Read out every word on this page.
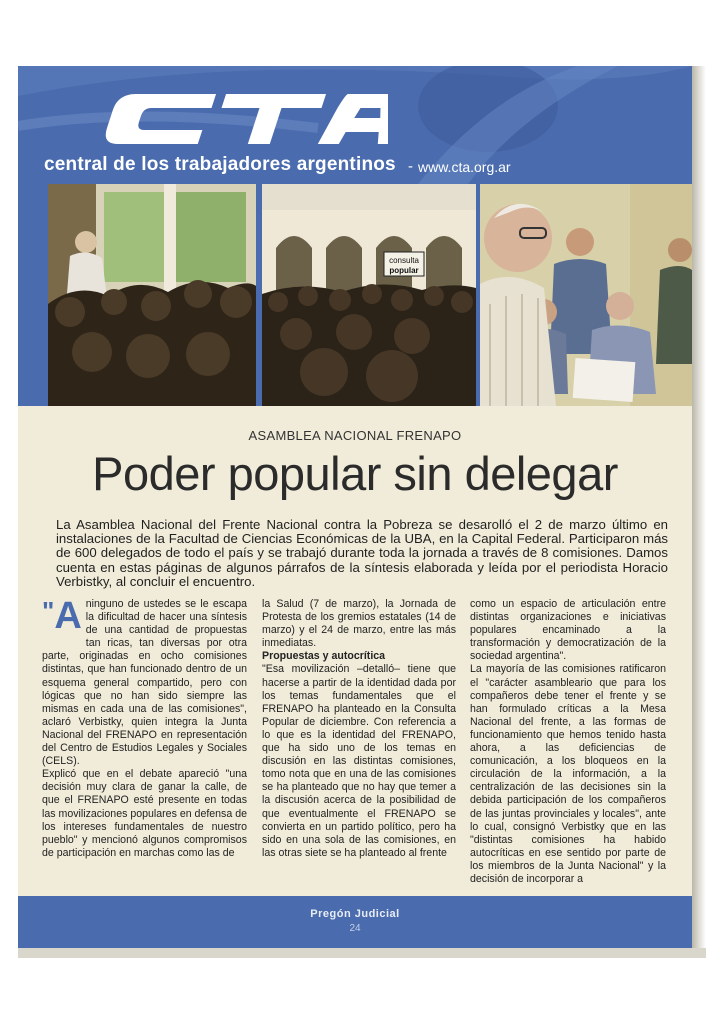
central de los trabajadores argentinos - www.cta.org.ar
consulta
popular
ASAMBLEA NACIONAL FRENAPO
Poder popular sin delegar
La Asamblea Nacional del Frente Nacional contra la Pobreza se desarolló el 2 de marzo último en instalaciones de la Facultad de Ciencias Económicas de la UBA, en la Capital Federal. Participaron más de 600 delegados de todo el país y se trabajó durante toda la jornada a través de 8 comisiones. Damos cuenta en estas páginas de algunos párrafos de la síntesis elaborada y leída por el periodista Horacio Verbistky, al concluir el encuentro.
" A ninguno de ustedes se le escapa la dificultad de hacer una síntesis de una cantidad de propuestas tan ricas, tan diversas por otra parte, originadas en ocho comisiones distintas, que han funcionado dentro de un esquema general compartido, pero con lógicas que no han sido siempre las mismas en cada una de las comisiones", aclaró Verbistky, quien integra la Junta Nacional del FRENAPO en representación del Centro de Estudios Legales y Sociales (CELS).

Explicó que en el debate apareció "una decisión muy clara de ganar la calle, de que el FRENAPO esté presente en todas las movilizaciones populares en defensa de los intereses fundamentales de nuestro pueblo" y mencionó algunos compromisos de participación en marchas como las de

la Salud (7 de marzo), la Jornada de Protesta de los gremios estatales (14 de marzo) y el 24 de marzo, entre las más inmediatas.

Propuestas y autocrítica

"Esa movilización –detalló– tiene que hacerse a partir de la identidad dada por los temas fundamentales que el FRENAPO ha planteado en la Consulta Popular de diciembre. Con referencia a lo que es la identidad del FRENAPO, que ha sido uno de los temas en discusión en las distintas comisiones, tomo nota que en una de las comisiones se ha planteado que no hay que temer a la discusión acerca de la posibilidad de que eventualmente el FRENAPO se convierta en un partido político, pero ha sido en una sola de las comisiones, en las otras siete se ha planteado al frente

como un espacio de articulación entre distintas organizaciones e iniciativas populares encaminado a la transformación y democratización de la sociedad argentina".

La mayoría de las comisiones ratificaron el "carácter asambleario que para los compañeros debe tener el frente y se han formulado críticas a la Mesa Nacional del frente, a las formas de funcionamiento que hemos tenido hasta ahora, a las deficiencias de comunicación, a los bloqueos en la circulación de la información, a la centralización de las decisiones sin la debida participación de los compañeros de las juntas provinciales y locales", ante lo cual, consignó Verbistky que en las "distintas comisiones ha habido autocríticas en ese sentido por parte de los miembros de la Junta Nacional" y la decisión de incorporar a

Pregón Judicial
24
